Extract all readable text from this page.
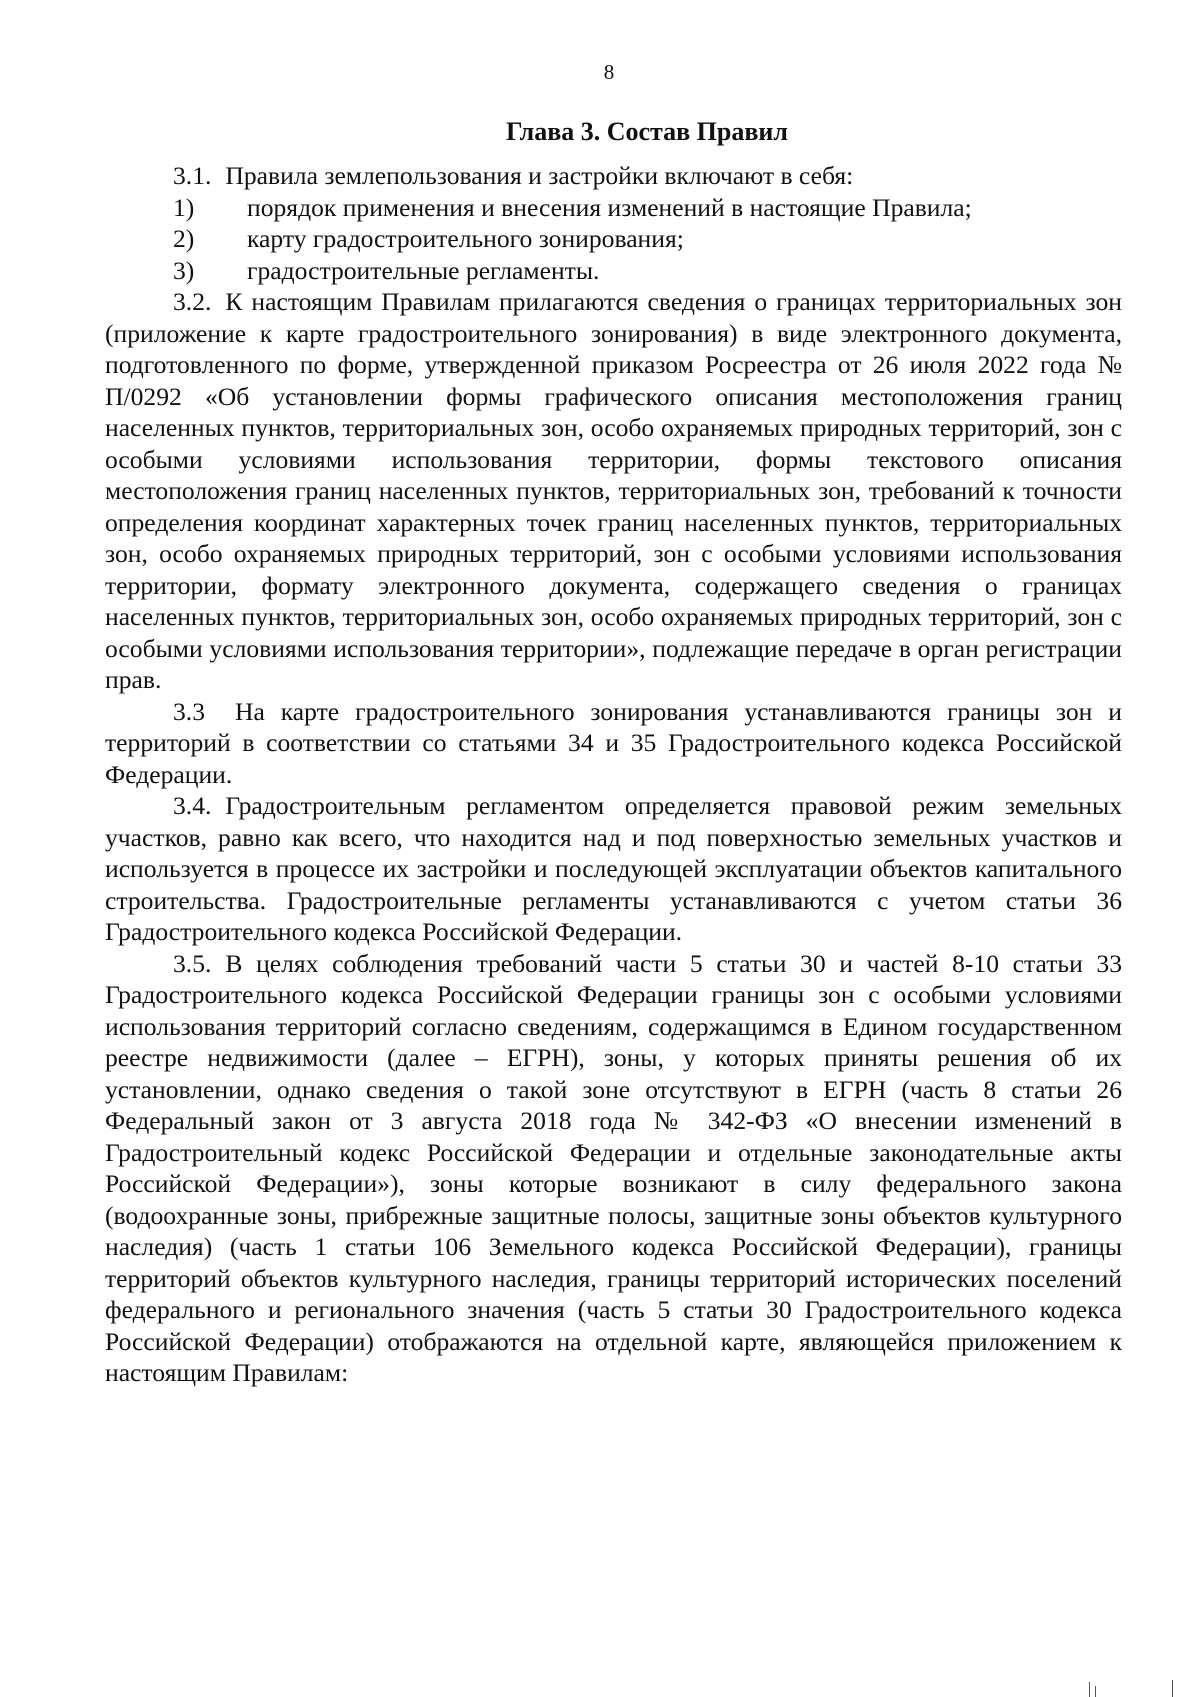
8
Глава 3. Состав Правил

3.1. Правила землепользования и застройки включают в себя:

1) порядок применения и внесения изменений в настоящие Правила;

2) карту градостроительного зонирования;

3) градостроительные регламенты.

3.2. К настоящим Правилам прилагаются сведения о границах территориальных зон (приложение к карте градостроительного зонирования) в виде электронного документа, подготовленного по форме, утвержденной приказом Росреестра от 26 июля 2022 года № П/0292 «Об установлении формы графического описания местоположения границ населенных пунктов, территориальных зон, особо охраняемых природных территорий, зон с особыми условиями использования территории, формы текстового описания местоположения границ населенных пунктов, территориальных зон, требований к точности определения координат характерных точек границ населенных пунктов, территориальных зон, особо охраняемых природных территорий, зон с особыми условиями использования территории, формату электронного документа, содержащего сведения о границах населенных пунктов, территориальных зон, особо охраняемых природных территорий, зон с особыми условиями использования территории», подлежащие передаче в орган регистрации прав.

3.3 На карте градостроительного зонирования устанавливаются границы зон и территорий в соответствии со статьями 34 и 35 Градостроительного кодекса Российской Федерации.

3.4. Градостроительным регламентом определяется правовой режим земельных участков, равно как всего, что находится над и под поверхностью земельных участков и используется в процессе их застройки и последующей эксплуатации объектов капитального строительства. Градостроительные регламенты устанавливаются с учетом статьи 36 Градостроительного кодекса Российской Федерации.

3.5. В целях соблюдения требований части 5 статьи 30 и частей 8-10 статьи 33 Градостроительного кодекса Российской Федерации границы зон с особыми условиями использования территорий согласно сведениям, содержащимся в Едином государственном реестре недвижимости (далее – ЕГРН), зоны, у которых приняты решения об их установлении, однако сведения о такой зоне отсутствуют в ЕГРН (часть 8 статьи 26 Федеральный закон от 3 августа 2018 года № 342-ФЗ «О внесении изменений в Градостроительный кодекс Российской Федерации и отдельные законодательные акты Российской Федерации»), зоны которые возникают в силу федерального закона (водоохранные зоны, прибрежные защитные полосы, защитные зоны объектов культурного наследия) (часть 1 статьи 106 Земельного кодекса Российской Федерации), границы территорий объектов культурного наследия, границы территорий исторических поселений федерального и регионального значения (часть 5 статьи 30 Градостроительного кодекса Российской Федерации) отображаются на отдельной карте, являющейся приложением к настоящим Правилам:
